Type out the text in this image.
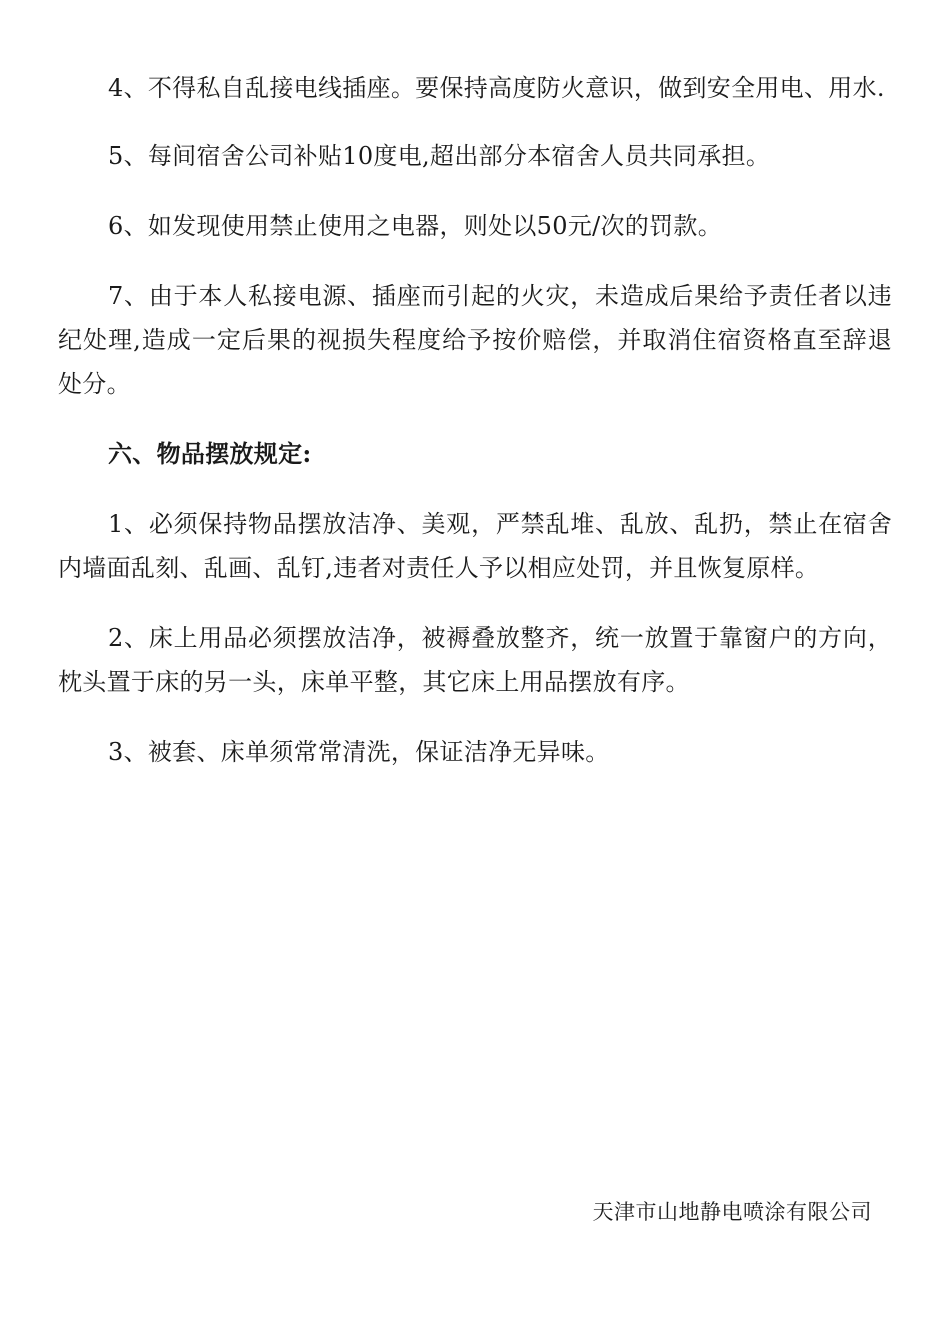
4、不得私自乱接电线插座。要保持高度防火意识，做到安全用电、用水.

5、每间宿舍公司补贴10度电,超出部分本宿舍人员共同承担。

6、如发现使用禁止使用之电器，则处以50元/次的罚款。

7、由于本人私接电源、插座而引起的火灾，未造成后果给予责任者以违纪处理,造成一定后果的视损失程度给予按价赔偿，并取消住宿资格直至辞退处分。

六、物品摆放规定:

1、必须保持物品摆放洁净、美观，严禁乱堆、乱放、乱扔，禁止在宿舍内墙面乱刻、乱画、乱钉,违者对责任人予以相应处罚，并且恢复原样。

2、床上用品必须摆放洁净，被褥叠放整齐，统一放置于靠窗户的方向，枕头置于床的另一头，床单平整，其它床上用品摆放有序。

3、被套、床单须常常清洗，保证洁净无异味。

天津市山地静电喷涂有限公司
